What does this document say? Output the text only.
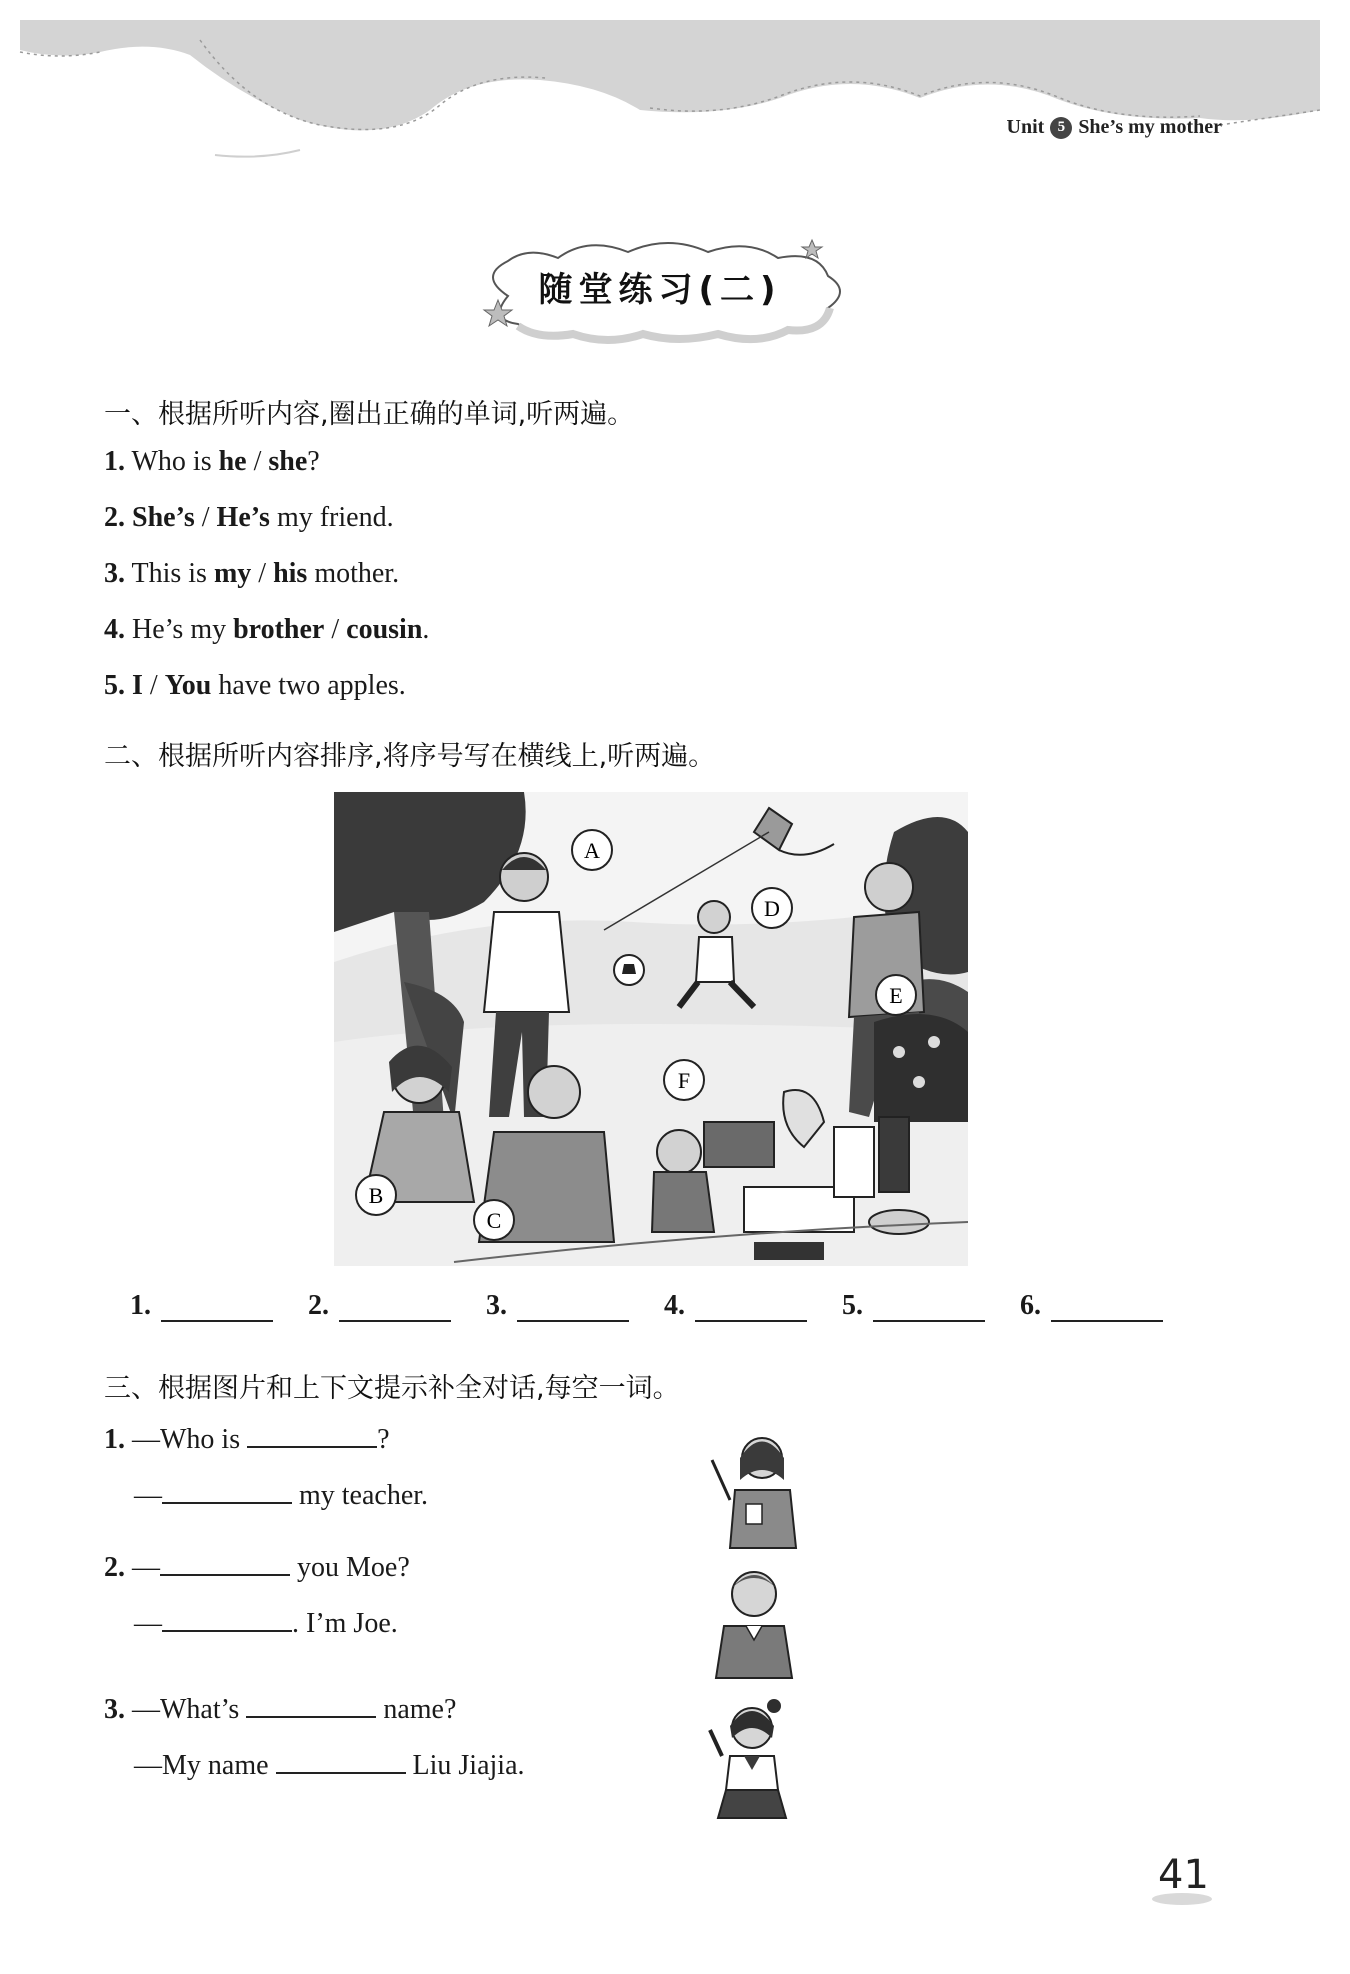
Unit 5 She’s my mother
随堂练习(二)
一、根据所听内容,圈出正确的单词,听两遍。
1. Who is he / she?
2. She’s / He’s my friend.
3. This is my / his mother.
4. He’s my brother / cousin.
5. I / You have two apples.
二、根据所听内容排序,将序号写在横线上,听两遍。
A
B
C
D
E
F
1.	2.	3.	4.	5.	6.
三、根据图片和上下文提示补全对话,每空一词。
1. —Who is	?
—	my teacher.
2. —	you Moe?
—	. I’m Joe.
3. —What’s	name?
—My name	Liu Jiajia.
41
